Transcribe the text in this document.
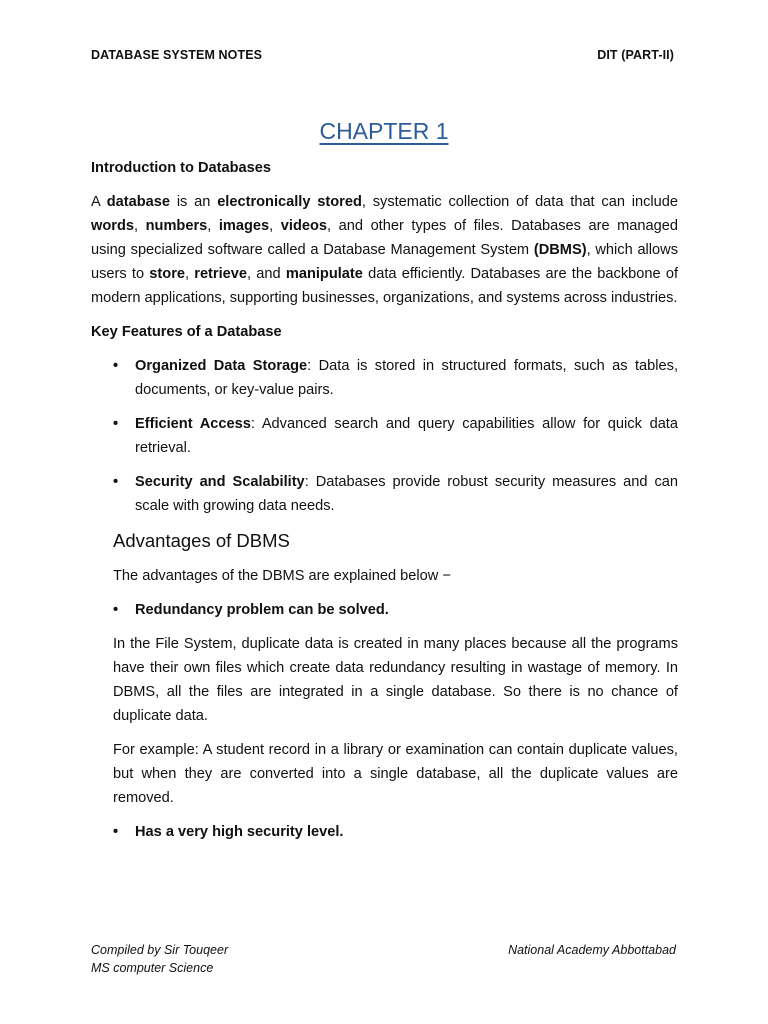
DATABASE SYSTEM NOTES	DIT (PART-II)
CHAPTER 1

Introduction to Databases

A database is an electronically stored, systematic collection of data that can include words, numbers, images, videos, and other types of files. Databases are managed using specialized software called a Database Management System (DBMS), which allows users to store, retrieve, and manipulate data efficiently. Databases are the backbone of modern applications, supporting businesses, organizations, and systems across industries.

Key Features of a Database

• Organized Data Storage: Data is stored in structured formats, such as tables, documents, or key-value pairs.
• Efficient Access: Advanced search and query capabilities allow for quick data retrieval.
• Security and Scalability: Databases provide robust security measures and can scale with growing data needs.

Advantages of DBMS

The advantages of the DBMS are explained below −

• Redundancy problem can be solved.

In the File System, duplicate data is created in many places because all the programs have their own files which create data redundancy resulting in wastage of memory. In DBMS, all the files are integrated in a single database. So there is no chance of duplicate data.

For example: A student record in a library or examination can contain duplicate values, but when they are converted into a single database, all the duplicate values are removed.

• Has a very high security level.
Compiled by Sir Touqeer
MS computer Science
National Academy Abbottabad
